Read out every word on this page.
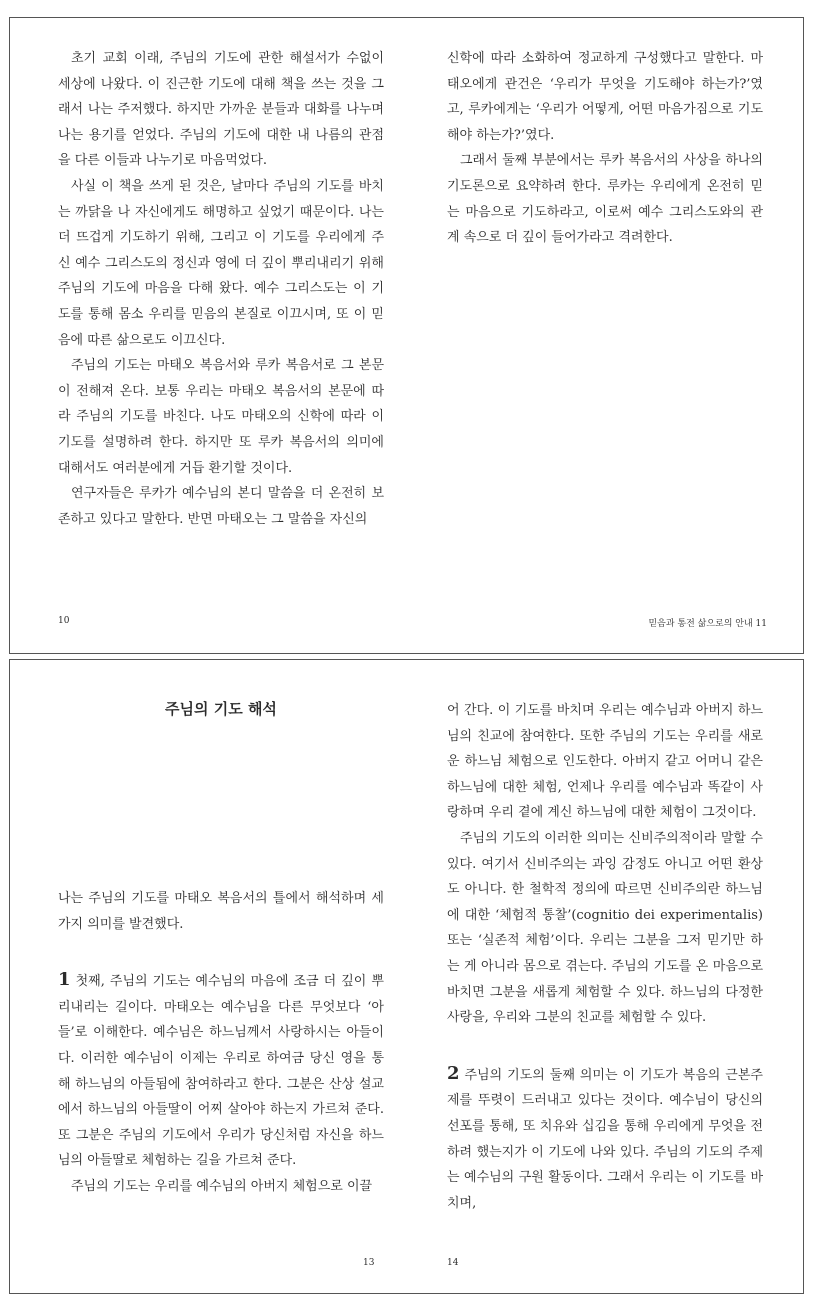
초기 교회 이래, 주님의 기도에 관한 해설서가 수없이 세상에 나왔다. 이 진근한 기도에 대해 책을 쓰는 것을 그래서 나는 주저했다. 하지만 가까운 분들과 대화를 나누며 나는 용기를 얻었다. 주님의 기도에 대한 내 나름의 관점을 다른 이들과 나누기로 마음먹었다.

사실 이 책을 쓰게 된 것은, 날마다 주님의 기도를 바치는 까닭을 나 자신에게도 해명하고 싶었기 때문이다. 나는 더 뜨겁게 기도하기 위해, 그리고 이 기도를 우리에게 주신 예수 그리스도의 정신과 영에 더 깊이 뿌리내리기 위해 주님의 기도에 마음을 다해 왔다. 예수 그리스도는 이 기도를 통해 몸소 우리를 믿음의 본질로 이끄시며, 또 이 믿음에 따른 삶으로도 이끄신다.

주님의 기도는 마태오 복음서와 루카 복음서로 그 본문이 전해져 온다. 보통 우리는 마태오 복음서의 본문에 따라 주님의 기도를 바친다. 나도 마태오의 신학에 따라 이 기도를 설명하려 한다. 하지만 또 루카 복음서의 의미에 대해서도 여러분에게 거듭 환기할 것이다.

연구자들은 루카가 예수님의 본디 말씀을 더 온전히 보존하고 있다고 말한다. 반면 마태오는 그 말씀을 자신의

신학에 따라 소화하여 정교하게 구성했다고 말한다. 마태오에게 관건은 ‘우리가 무엇을 기도해야 하는가?’였고, 루카에게는 ‘우리가 어떻게, 어떤 마음가짐으로 기도해야 하는가?’였다.

그래서 둘째 부분에서는 루카 복음서의 사상을 하나의 기도론으로 요약하려 한다. 루카는 우리에게 온전히 믿는 마음으로 기도하라고, 이로써 예수 그리스도와의 관계 속으로 더 깊이 들어가라고 격려한다.

10	믿음과 통전 삶으로의 안내 11
주님의 기도 해석

나는 주님의 기도를 마태오 복음서의 틀에서 해석하며 세 가지 의미를 발견했다.

1 첫째, 주님의 기도는 예수님의 마음에 조금 더 깊이 뿌리내리는 길이다. 마태오는 예수님을 다른 무엇보다 ‘아들’로 이해한다. 예수님은 하느님께서 사랑하시는 아들이다. 이러한 예수님이 이제는 우리로 하여금 당신 영을 통해 하느님의 아들됨에 참여하라고 한다. 그분은 산상 설교에서 하느님의 아들딸이 어찌 살아야 하는지 가르쳐 준다. 또 그분은 주님의 기도에서 우리가 당신처럼 자신을 하느님의 아들딸로 체험하는 길을 가르쳐 준다.

주님의 기도는 우리를 예수님의 아버지 체험으로 이끌

어 간다. 이 기도를 바치며 우리는 예수님과 아버지 하느님의 친교에 참여한다. 또한 주님의 기도는 우리를 새로운 하느님 체험으로 인도한다. 아버지 같고 어머니 같은 하느님에 대한 체험, 언제나 우리를 예수님과 똑같이 사랑하며 우리 곁에 계신 하느님에 대한 체험이 그것이다.

주님의 기도의 이러한 의미는 신비주의적이라 말할 수 있다. 여기서 신비주의는 과잉 감정도 아니고 어떤 환상도 아니다. 한 철학적 정의에 따르면 신비주의란 하느님에 대한 ‘체험적 통찰’(cognitio dei experimentalis) 또는 ‘실존적 체험’이다. 우리는 그분을 그저 믿기만 하는 게 아니라 몸으로 겪는다. 주님의 기도를 온 마음으로 바치면 그분을 새롭게 체험할 수 있다. 하느님의 다정한 사랑을, 우리와 그분의 친교를 체험할 수 있다.

2 주님의 기도의 둘째 의미는 이 기도가 복음의 근본주제를 뚜렷이 드러내고 있다는 것이다. 예수님이 당신의 선포를 통해, 또 치유와 십김을 통해 우리에게 무엇을 전하려 했는지가 이 기도에 나와 있다. 주님의 기도의 주제는 예수님의 구원 활동이다. 그래서 우리는 이 기도를 바치며,

13	14
